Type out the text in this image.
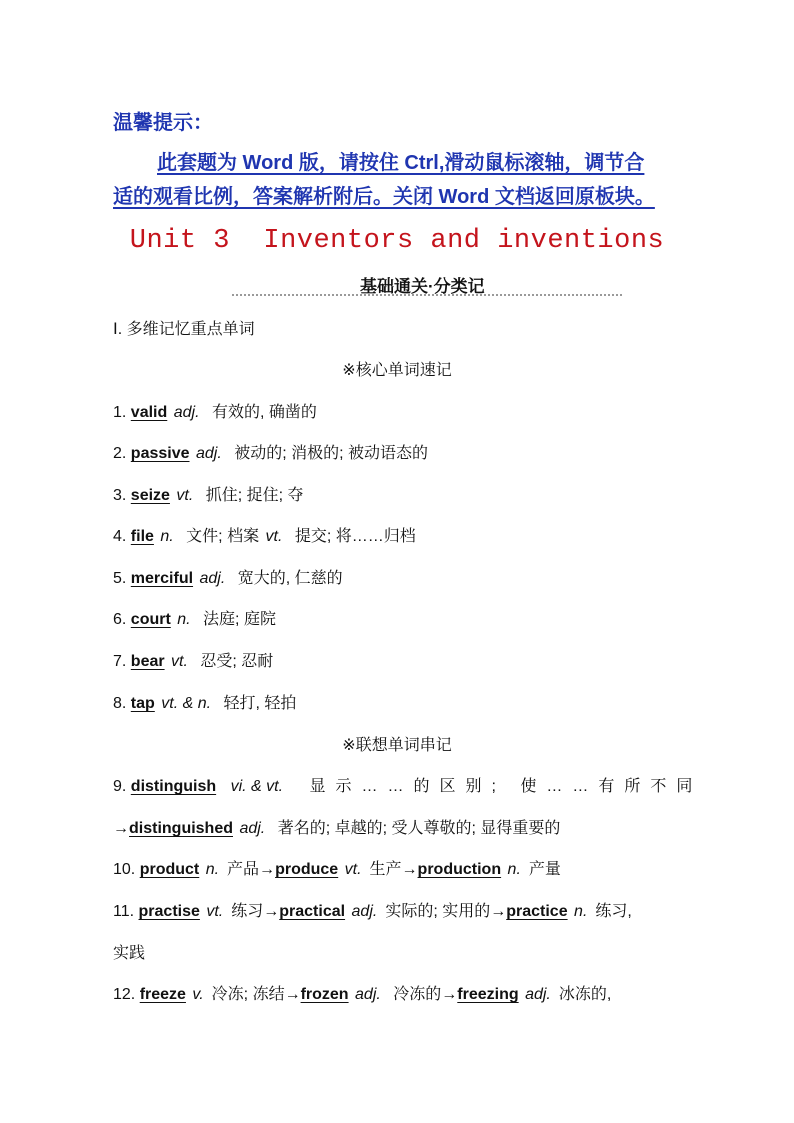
温馨提示：
此套题为 Word 版，请按住 Ctrl,滑动鼠标滚轴，调节合
适的观看比例，答案解析附后。关闭 Word 文档返回原板块。
Unit 3  Inventors and inventions
基础通关·分类记
Ⅰ. 多维记忆重点单词
※核心单词速记
1. valid adj. 有效的, 确凿的
2. passive adj. 被动的; 消极的; 被动语态的
3. seize vt. 抓住; 捉住; 夺
4. file n. 文件; 档案 vt. 提交; 将……归档
5. merciful adj. 宽大的, 仁慈的
6. court n. 法庭; 庭院
7. bear vt. 忍受; 忍耐
8. tap vt. & n. 轻打, 轻拍
※联想单词串记
9. distinguish vi. & vt. 显示……的区别; 使……有所不同
→distinguished adj. 著名的; 卓越的; 受人尊敬的; 显得重要的
10. product n. 产品→produce vt. 生产→production n. 产量
11. practise vt. 练习→practical adj. 实际的; 实用的→practice n. 练习,
实践
12. freeze v. 冷冻; 冻结→frozen adj. 冷冻的→freezing adj. 冰冻的,
